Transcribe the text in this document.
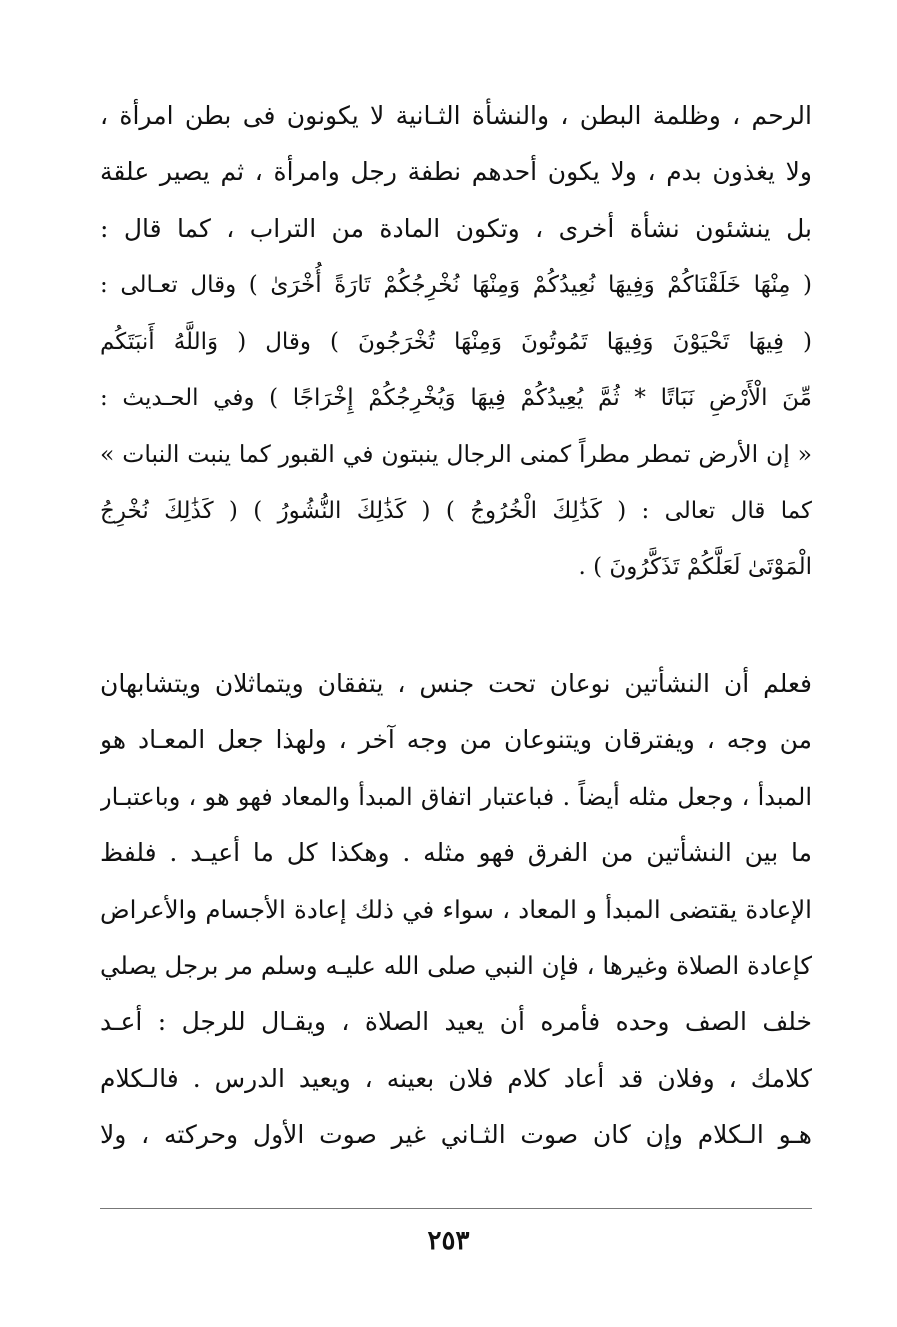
الرحم ، وظلمة البطن ، والنشأة الثـانية لا يكونون فى بطن امرأة ،
ولا يغذون بدم ، ولا يكون أحدهم نطفة رجل وامرأة ، ثم يصير علقة
بل ينشئون نشأة أخرى ، وتكون المادة من التراب ، كما قال :
( مِنْهَا خَلَقْنَاكُمْ وَفِيهَا نُعِيدُكُمْ وَمِنْهَا نُخْرِجُكُمْ تَارَةً أُخْرَىٰ ) وقال تعـالى :
( فِيهَا تَحْيَوْنَ وَفِيهَا تَمُوتُونَ وَمِنْهَا تُخْرَجُونَ ) وقال ( وَاللَّهُ أَنبَتَكُم
مِّنَ الْأَرْضِ نَبَاتًا * ثُمَّ يُعِيدُكُمْ فِيهَا وَيُخْرِجُكُمْ إِخْرَاجًا ) وفي الحـديث :
« إن الأرض تمطر مطراً كمنى الرجال ينبتون في القبور كما ينبت النبات »
كما قال تعالى : ( كَذَٰلِكَ الْخُرُوجُ ) ( كَذَٰلِكَ النُّشُورُ ) ( كَذَٰلِكَ نُخْرِجُ
الْمَوْتَىٰ لَعَلَّكُمْ تَذَكَّرُونَ ) .
فعلم أن النشأتين نوعان تحت جنس ، يتفقان ويتماثلان ويتشابهان
من وجه ، ويفترقان ويتنوعان من وجه آخر ، ولهذا جعل المعـاد هو
المبدأ ، وجعل مثله أيضاً . فباعتبار اتفاق المبدأ والمعاد فهو هو ، وباعتبـار
ما بين النشأتين من الفرق فهو مثله . وهكذا كل ما أعيـد . فلفظ
الإعادة يقتضى المبدأ و المعاد ، سواء في ذلك إعادة الأجسام والأعراض
كإعادة الصلاة وغيرها ، فإن النبي صلى الله عليـه وسلم مر برجل يصلي
خلف الصف وحده فأمره أن يعيد الصلاة ، ويقـال للرجل : أعـد
كلامك ، وفلان قد أعاد كلام فلان بعينه ، ويعيد الدرس . فالـكلام
هـو الـكلام وإن كان صوت الثـاني غير صوت الأول وحركته ، ولا
٢٥٣
